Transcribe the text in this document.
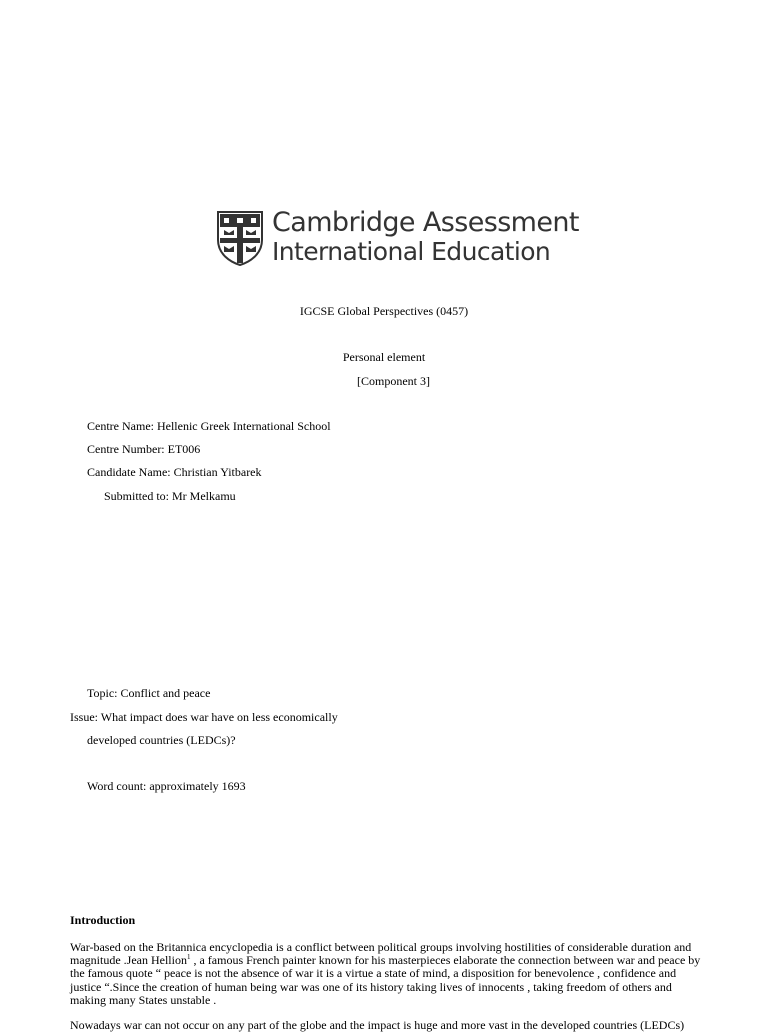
Cambridge Assessment
International Education
IGCSE Global Perspectives (0457)
Personal element
[Component 3]
Centre Name: Hellenic Greek International School
Centre Number: ET006
Candidate Name: Christian Yitbarek
Submitted to: Mr Melkamu
Topic: Conflict and peace
Issue: What impact does war have on less economically
developed countries (LEDCs)?
Word count: approximately 1693
Introduction
War-based on the Britannica encyclopedia is a conflict between political groups involving hostilities of considerable duration and magnitude .Jean Hellion$^1$ , a famous French painter known for his masterpieces elaborate the connection between war and peace by the famous quote “ peace is not the absence of war it is a virtue a state of mind, a disposition for benevolence , confidence and justice “.Since the creation of human being war was one of its history taking lives of innocents , taking freedom of others and making many States unstable .
Nowadays war can not occur on any part of the globe and the impact is huge and more vast in the developed countries (LEDCs)
